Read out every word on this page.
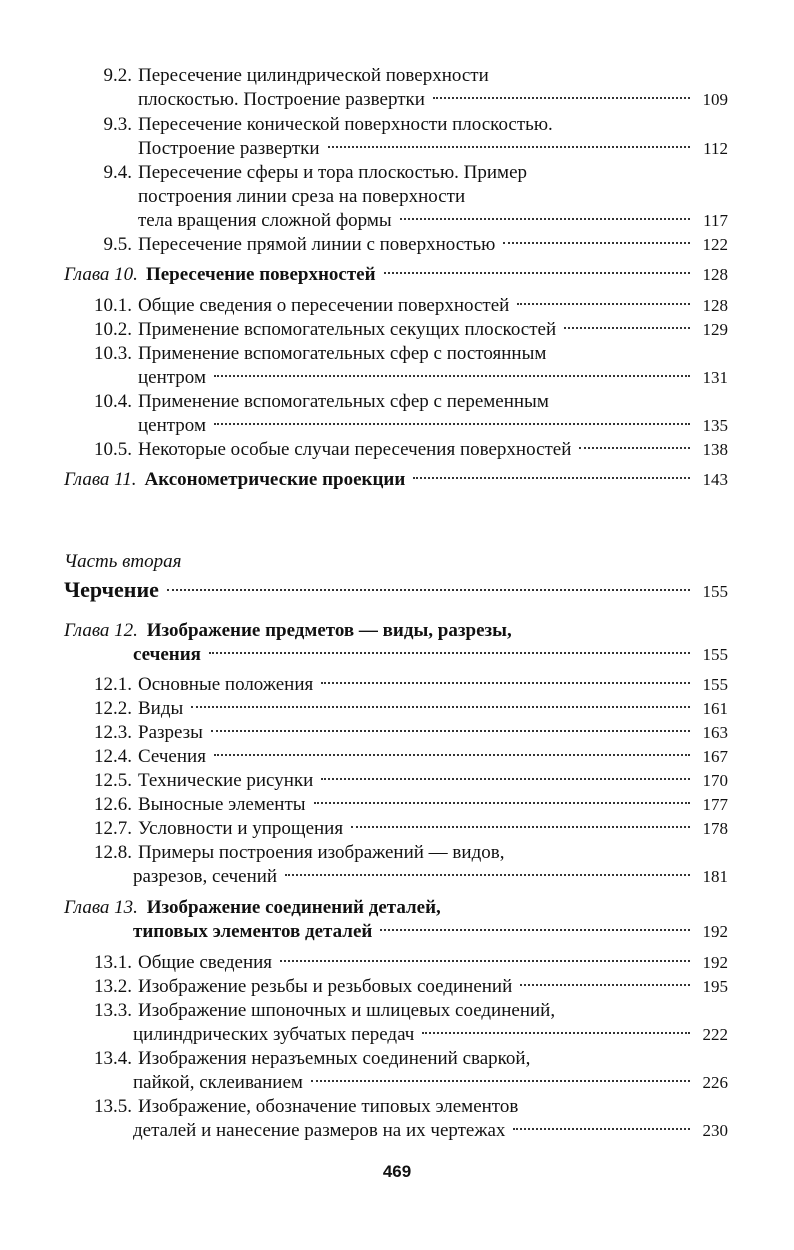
9.2. Пересечение цилиндрической поверхности
плоскостью. Построение развертки	109
9.3. Пересечение конической поверхности плоскостью.
Построение развертки	112
9.4. Пересечение сферы и тора плоскостью. Пример
построения линии среза на поверхности
тела вращения сложной формы	117
9.5. Пересечение прямой линии с поверхностью	122
Глава 10. Пересечение поверхностей	128
10.1. Общие сведения о пересечении поверхностей	128
10.2. Применение вспомогательных секущих плоскостей	129
10.3. Применение вспомогательных сфер с постоянным
центром	131
10.4. Применение вспомогательных сфер с переменным
центром	135
10.5. Некоторые особые случаи пересечения поверхностей	138
Глава 11. Аксонометрические проекции	143
Часть вторая
Черчение	155
Глава 12. Изображение предметов — виды, разрезы,
сечения	155
12.1. Основные положения	155
12.2. Виды	161
12.3. Разрезы	163
12.4. Сечения	167
12.5. Технические рисунки	170
12.6. Выносные элементы	177
12.7. Условности и упрощения	178
12.8. Примеры построения изображений — видов,
разрезов, сечений	181
Глава 13. Изображение соединений деталей,
типовых элементов деталей	192
13.1. Общие сведения	192
13.2. Изображение резьбы и резьбовых соединений	195
13.3. Изображение шпоночных и шлицевых соединений,
цилиндрических зубчатых передач	222
13.4. Изображения неразъемных соединений сваркой,
пайкой, склеиванием	226
13.5. Изображение, обозначение типовых элементов
деталей и нанесение размеров на их чертежах	230
469
